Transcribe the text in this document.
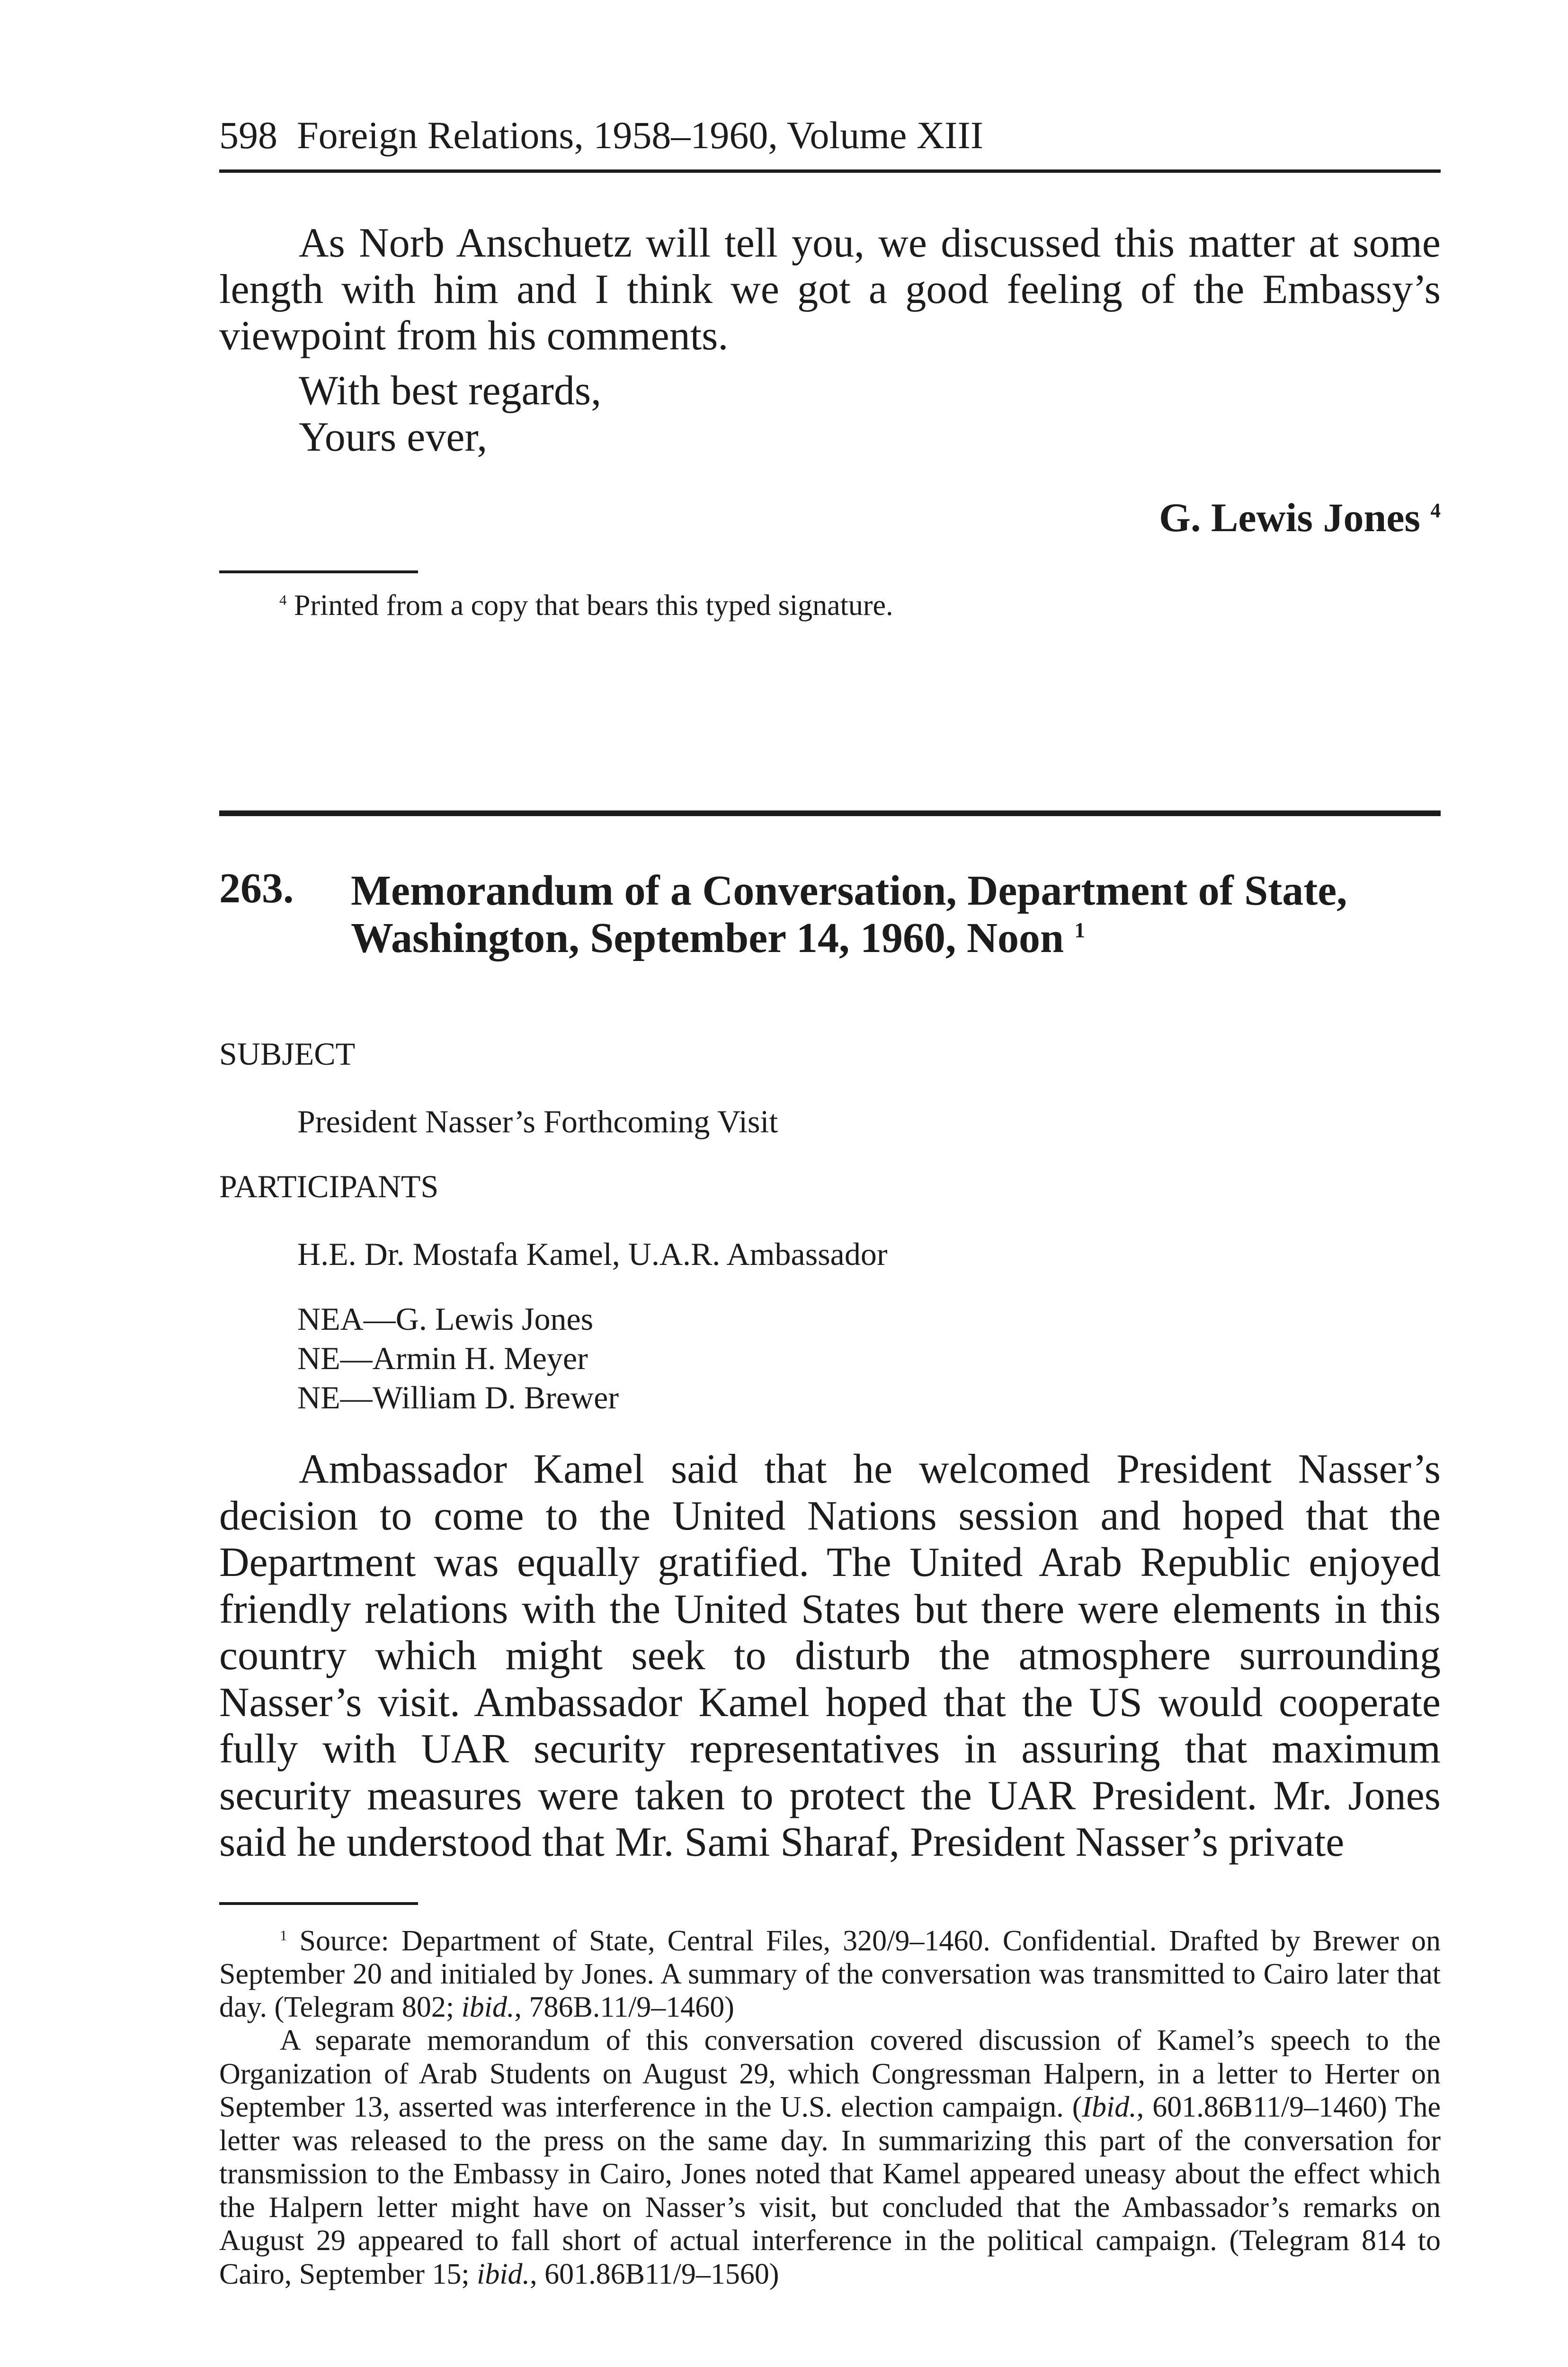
598 Foreign Relations, 1958–1960, Volume XIII

As Norb Anschuetz will tell you, we discussed this matter at some length with him and I think we got a good feeling of the Embassy’s viewpoint from his comments.

With best regards,
Yours ever,
G. Lewis Jones $^4$
$^4$ Printed from a copy that bears this typed signature.
263. Memorandum of a Conversation, Department of State,
Washington, September 14, 1960, Noon $^1$
SUBJECT
President Nasser’s Forthcoming Visit
PARTICIPANTS
H.E. Dr. Mostafa Kamel, U.A.R. Ambassador
NEA—G. Lewis Jones
NE—Armin H. Meyer
NE—William D. Brewer

Ambassador Kamel said that he welcomed President Nasser’s decision to come to the United Nations session and hoped that the Department was equally gratified. The United Arab Republic enjoyed friendly relations with the United States but there were elements in this country which might seek to disturb the atmosphere surrounding Nasser’s visit. Ambassador Kamel hoped that the US would cooperate fully with UAR security representatives in assuring that maximum security measures were taken to protect the UAR President. Mr. Jones said he understood that Mr. Sami Sharaf, President Nasser’s private

$^1$ Source: Department of State, Central Files, 320/9–1460. Confidential. Drafted by Brewer on September 20 and initialed by Jones. A summary of the conversation was transmitted to Cairo later that day. (Telegram 802; ibid., 786B.11/9–1460)

A separate memorandum of this conversation covered discussion of Kamel’s speech to the Organization of Arab Students on August 29, which Congressman Halpern, in a letter to Herter on September 13, asserted was interference in the U.S. election campaign. (Ibid., 601.86B11/9–1460) The letter was released to the press on the same day. In summarizing this part of the conversation for transmission to the Embassy in Cairo, Jones noted that Kamel appeared uneasy about the effect which the Halpern letter might have on Nasser’s visit, but concluded that the Ambassador’s remarks on August 29 appeared to fall short of actual interference in the political campaign. (Telegram 814 to Cairo, September 15; ibid., 601.86B11/9–1560)
